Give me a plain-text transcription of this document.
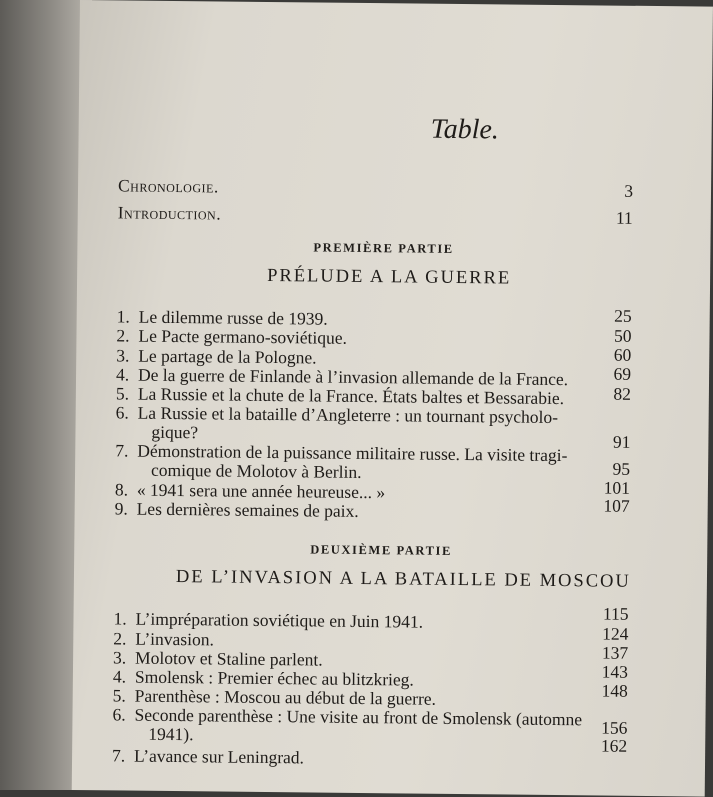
Table.
Chronologie.	3
Introduction.	11
PREMIÈRE PARTIE
PRÉLUDE A LA GUERRE
1. Le dilemme russe de 1939.	25
2. Le Pacte germano-soviétique.	50
3. Le partage de la Pologne.	60
4. De la guerre de Finlande à l’invasion allemande de la France.	69
5. La Russie et la chute de la France. États baltes et Bessarabie.	82
6. La Russie et la bataille d’Angleterre : un tournant psycholo-
gique?	91
7. Démonstration de la puissance militaire russe. La visite tragi-
comique de Molotov à Berlin.	95
8. « 1941 sera une année heureuse... »	101
9. Les dernières semaines de paix.	107
DEUXIÈME PARTIE
DE L’INVASION A LA BATAILLE DE MOSCOU
1. L’impréparation soviétique en Juin 1941.	115
2. L’invasion.	124
3. Molotov et Staline parlent.	137
4. Smolensk : Premier échec au blitzkrieg.	143
5. Parenthèse : Moscou au début de la guerre.	148
6. Seconde parenthèse : Une visite au front de Smolensk (automne
1941).	156
7. L’avance sur Leningrad.	162
